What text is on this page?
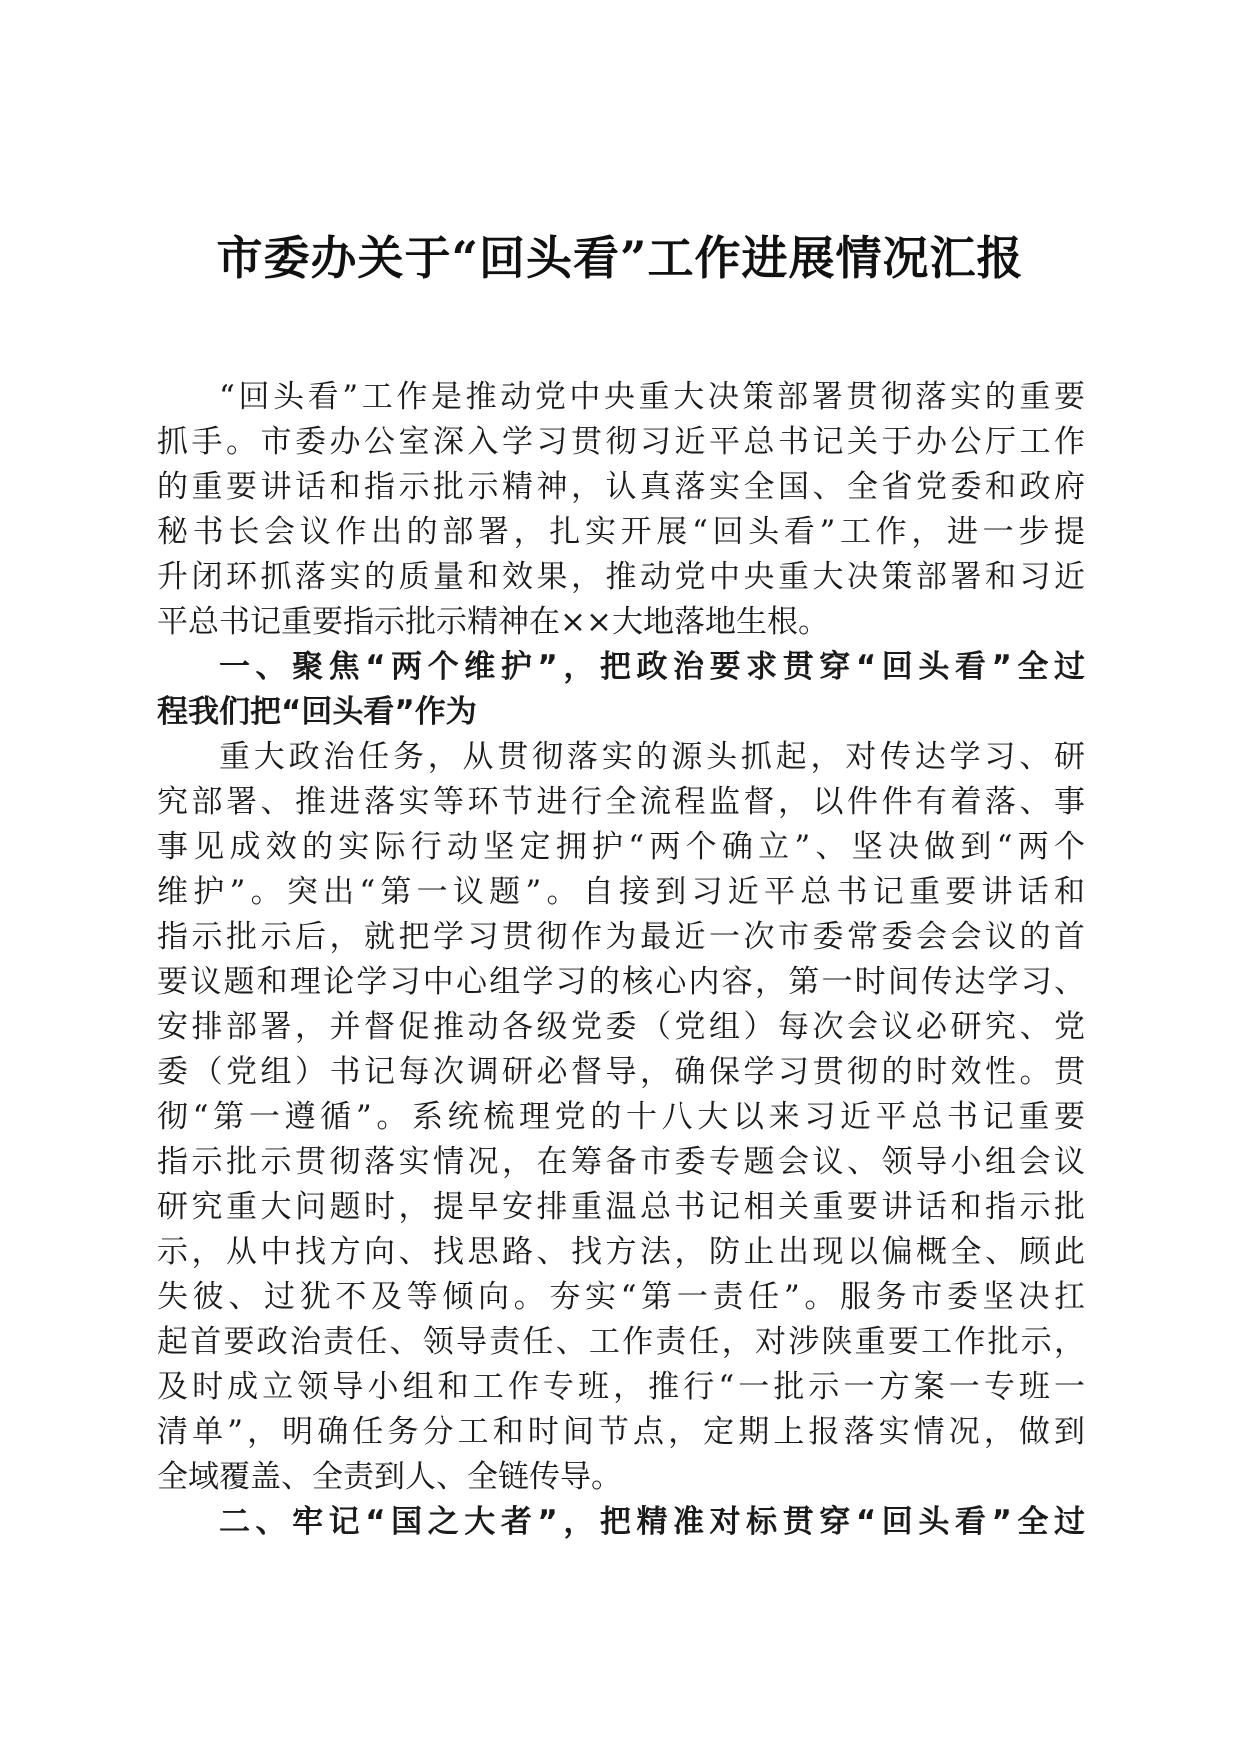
市委办关于“回头看”工作进展情况汇报
“回头看”工作是推动党中央重大决策部署贯彻落实的重要
抓手。市委办公室深入学习贯彻习近平总书记关于办公厅工作
的重要讲话和指示批示精神，认真落实全国、全省党委和政府
秘书长会议作出的部署，扎实开展“回头看”工作，进一步提
升闭环抓落实的质量和效果，推动党中央重大决策部署和习近
平总书记重要指示批示精神在××大地落地生根。
一、聚焦“两个维护”，把政治要求贯穿“回头看”全过
程我们把“回头看”作为
重大政治任务，从贯彻落实的源头抓起，对传达学习、研
究部署、推进落实等环节进行全流程监督，以件件有着落、事
事见成效的实际行动坚定拥护“两个确立”、坚决做到“两个
维护”。突出“第一议题”。自接到习近平总书记重要讲话和
指示批示后，就把学习贯彻作为最近一次市委常委会会议的首
要议题和理论学习中心组学习的核心内容，第一时间传达学习、
安排部署，并督促推动各级党委（党组）每次会议必研究、党
委（党组）书记每次调研必督导，确保学习贯彻的时效性。贯
彻“第一遵循”。系统梳理党的十八大以来习近平总书记重要
指示批示贯彻落实情况，在筹备市委专题会议、领导小组会议
研究重大问题时，提早安排重温总书记相关重要讲话和指示批
示，从中找方向、找思路、找方法，防止出现以偏概全、顾此
失彼、过犹不及等倾向。夯实“第一责任”。服务市委坚决扛
起首要政治责任、领导责任、工作责任，对涉陕重要工作批示，
及时成立领导小组和工作专班，推行“一批示一方案一专班一
清单”，明确任务分工和时间节点，定期上报落实情况，做到
全域覆盖、全责到人、全链传导。
二、牢记“国之大者”，把精准对标贯穿“回头看”全过
